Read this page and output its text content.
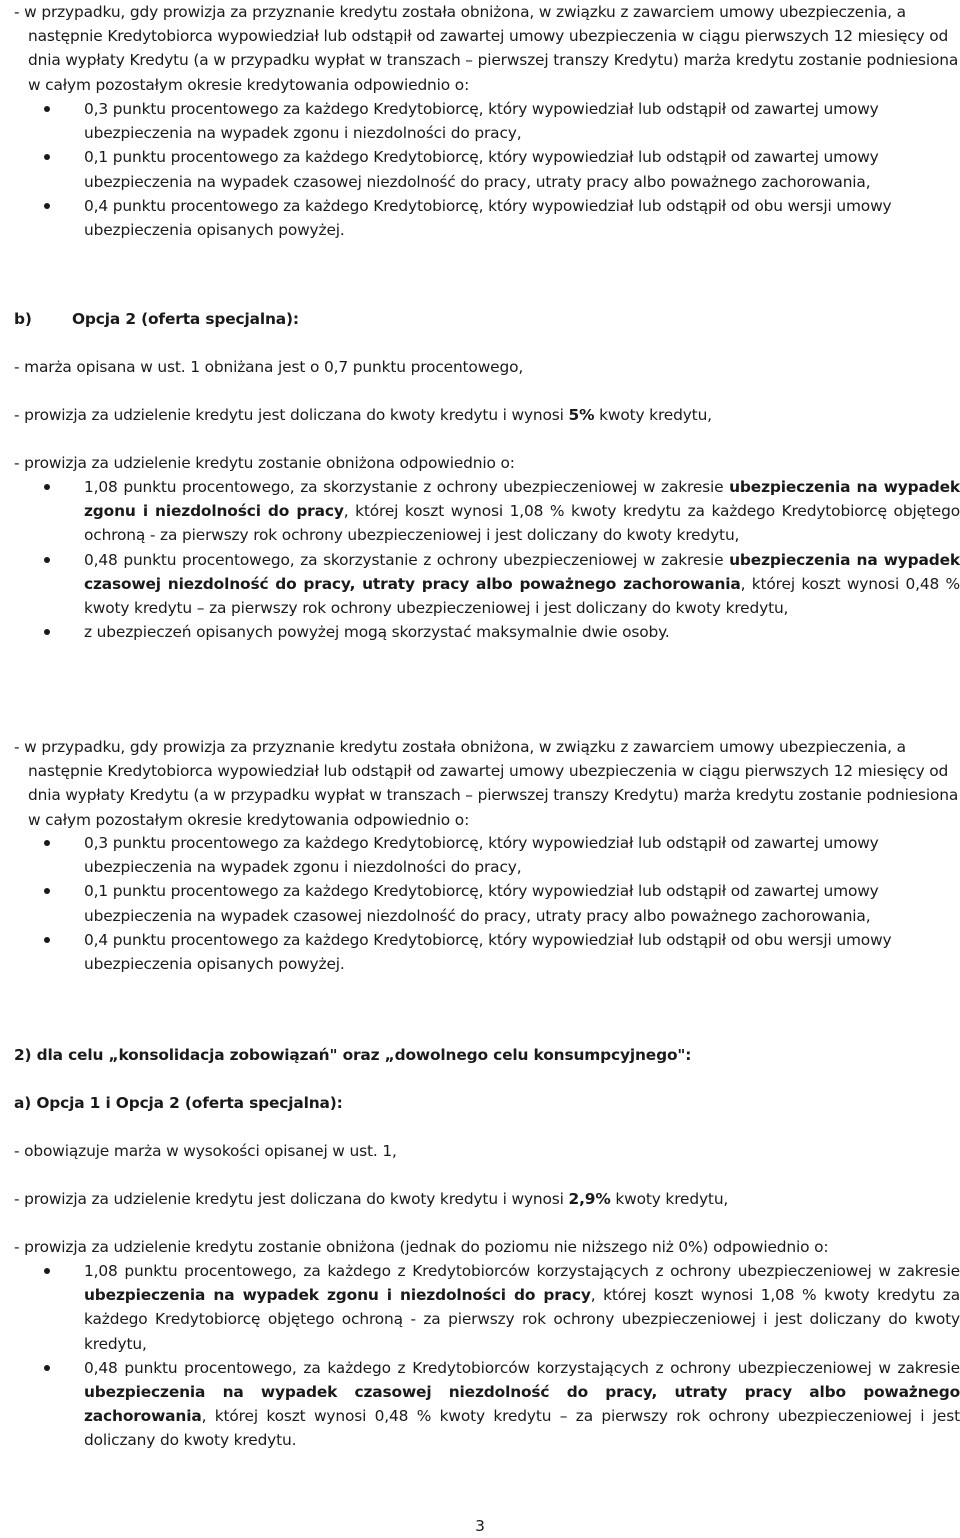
- w przypadku, gdy prowizja za przyznanie kredytu została obniżona, w związku z zawarciem umowy ubezpieczenia, a następnie Kredytobiorca wypowiedział lub odstąpił od zawartej umowy ubezpieczenia w ciągu pierwszych 12 miesięcy od dnia wypłaty Kredytu (a w przypadku wypłat w transzach – pierwszej transzy Kredytu) marża kredytu zostanie podniesiona w całym pozostałym okresie kredytowania odpowiednio o:

0,3 punktu procentowego za każdego Kredytobiorcę, który wypowiedział lub odstąpił od zawartej umowy ubezpieczenia na wypadek zgonu i niezdolności do pracy,
0,1 punktu procentowego za każdego Kredytobiorcę, który wypowiedział lub odstąpił od zawartej umowy ubezpieczenia na wypadek czasowej niezdolność do pracy, utraty pracy albo poważnego zachorowania,
0,4 punktu procentowego za każdego Kredytobiorcę, który wypowiedział lub odstąpił od obu wersji umowy ubezpieczenia opisanych powyżej.

b)	Opcja 2 (oferta specjalna):

- marża opisana w ust. 1 obniżana jest o 0,7 punktu procentowego,

- prowizja za udzielenie kredytu jest doliczana do kwoty kredytu i wynosi 5% kwoty kredytu,

- prowizja za udzielenie kredytu zostanie obniżona odpowiednio o:

1,08 punktu procentowego, za skorzystanie z ochrony ubezpieczeniowej w zakresie ubezpieczenia na wypadek zgonu i niezdolności do pracy, której koszt wynosi 1,08 % kwoty kredytu za każdego Kredytobiorcę objętego ochroną - za pierwszy rok ochrony ubezpieczeniowej i jest doliczany do kwoty kredytu,
0,48 punktu procentowego, za skorzystanie z ochrony ubezpieczeniowej w zakresie ubezpieczenia na wypadek czasowej niezdolność do pracy, utraty pracy albo poważnego zachorowania, której koszt wynosi 0,48 % kwoty kredytu – za pierwszy rok ochrony ubezpieczeniowej i jest doliczany do kwoty kredytu,
z ubezpieczeń opisanych powyżej mogą skorzystać maksymalnie dwie osoby.

- w przypadku, gdy prowizja za przyznanie kredytu została obniżona, w związku z zawarciem umowy ubezpieczenia, a następnie Kredytobiorca wypowiedział lub odstąpił od zawartej umowy ubezpieczenia w ciągu pierwszych 12 miesięcy od dnia wypłaty Kredytu (a w przypadku wypłat w transzach – pierwszej transzy Kredytu) marża kredytu zostanie podniesiona w całym pozostałym okresie kredytowania odpowiednio o:

0,3 punktu procentowego za każdego Kredytobiorcę, który wypowiedział lub odstąpił od zawartej umowy ubezpieczenia na wypadek zgonu i niezdolności do pracy,
0,1 punktu procentowego za każdego Kredytobiorcę, który wypowiedział lub odstąpił od zawartej umowy ubezpieczenia na wypadek czasowej niezdolność do pracy, utraty pracy albo poważnego zachorowania,
0,4 punktu procentowego za każdego Kredytobiorcę, który wypowiedział lub odstąpił od obu wersji umowy ubezpieczenia opisanych powyżej.

2) dla celu „konsolidacja zobowiązań" oraz „dowolnego celu konsumpcyjnego":

a) Opcja 1 i Opcja 2 (oferta specjalna):

- obowiązuje marża w wysokości opisanej w ust. 1,

- prowizja za udzielenie kredytu jest doliczana do kwoty kredytu i wynosi 2,9% kwoty kredytu,

- prowizja za udzielenie kredytu zostanie obniżona (jednak do poziomu nie niższego niż 0%) odpowiednio o:

1,08 punktu procentowego, za każdego z Kredytobiorców korzystających z ochrony ubezpieczeniowej w zakresie ubezpieczenia na wypadek zgonu i niezdolności do pracy, której koszt wynosi 1,08 % kwoty kredytu za każdego Kredytobiorcę objętego ochroną - za pierwszy rok ochrony ubezpieczeniowej i jest doliczany do kwoty kredytu,
0,48 punktu procentowego, za każdego z Kredytobiorców korzystających z ochrony ubezpieczeniowej w zakresie ubezpieczenia na wypadek czasowej niezdolność do pracy, utraty pracy albo poważnego zachorowania, której koszt wynosi 0,48 % kwoty kredytu – za pierwszy rok ochrony ubezpieczeniowej i jest doliczany do kwoty kredytu.
3
